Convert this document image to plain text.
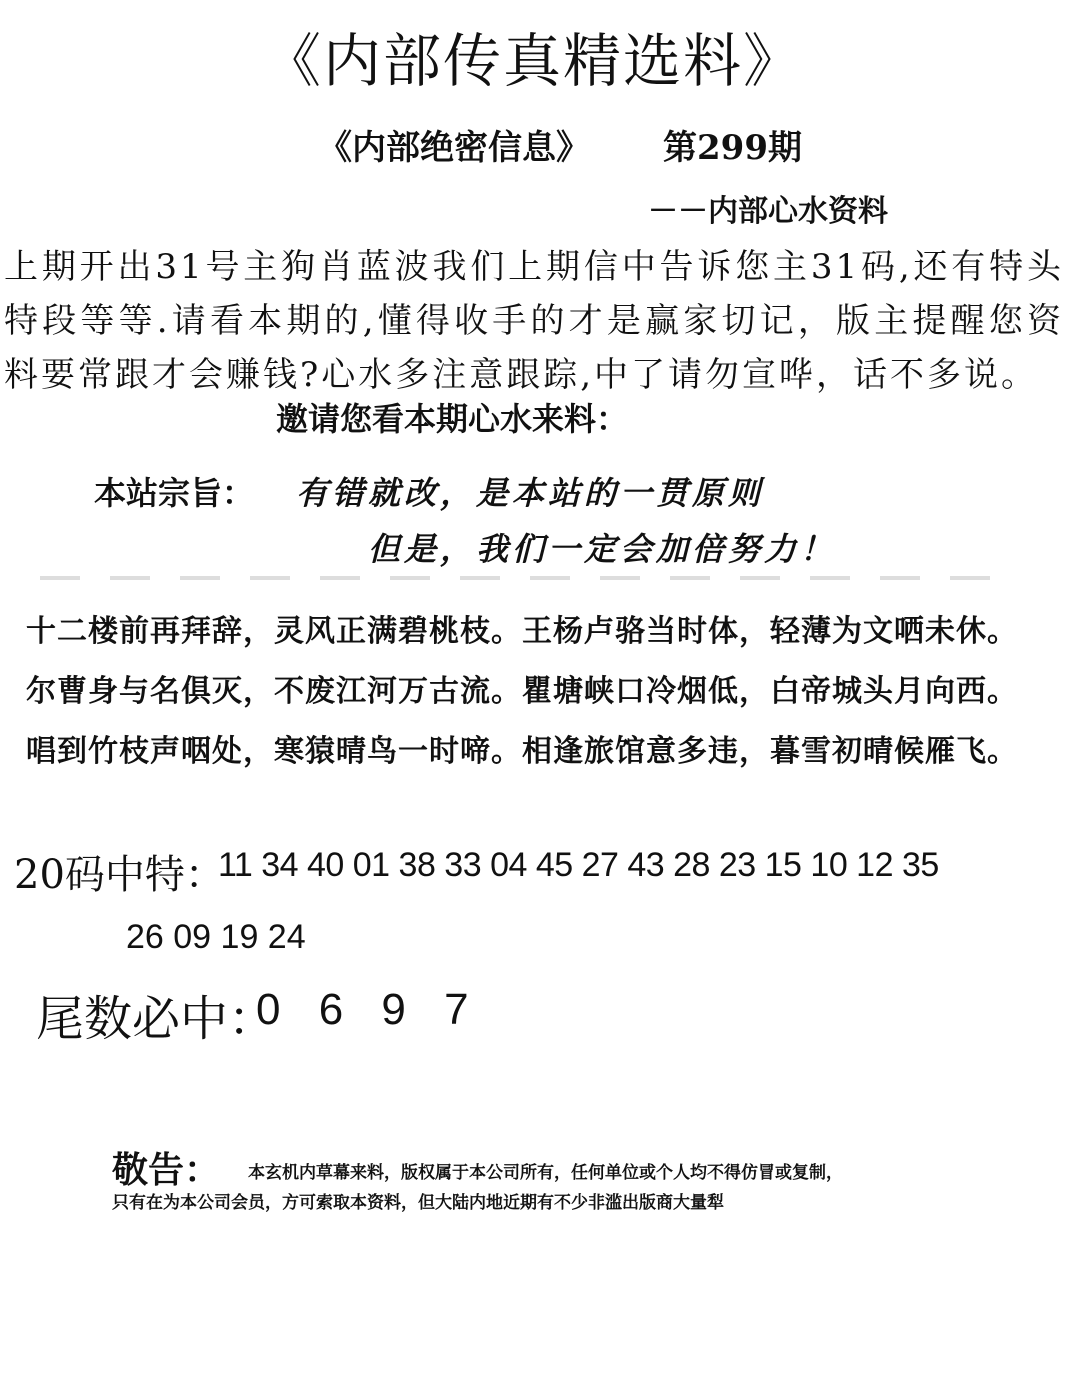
《内部传真精选料》
《内部绝密信息》 第299期
－－内部心水资料
上期开出31号主狗肖蓝波我们上期信中告诉您主31码,还有特头特段等等.请看本期的,懂得收手的才是赢家切记，版主提醒您资料要常跟才会赚钱?心水多注意跟踪,中了请勿宣哗，话不多说。
邀请您看本期心水来料：
本站宗旨： 有错就改，是本站的一贯原则
但是，我们一定会加倍努力！
十二楼前再拜辞，灵风正满碧桃枝。王杨卢骆当时体，轻薄为文哂未休。
尔曹身与名俱灭，不废江河万古流。瞿塘峡口冷烟低，白帝城头月向西。
唱到竹枝声咽处，寒猿晴鸟一时啼。相逢旅馆意多违，暮雪初晴候雁飞。
20码中特：
11 34 40 01 38 33 04 45 27 43 28 23 15 10 12 35
26 09 19 24
尾数必中：
0 6 9 7
敬告： 本玄机内草幕来料，版权属于本公司所有，任何单位或个人均不得仿冒或复制，
只有在为本公司会员，方可索取本资料，但大陆内地近期有不少非滥出版商大量犁
